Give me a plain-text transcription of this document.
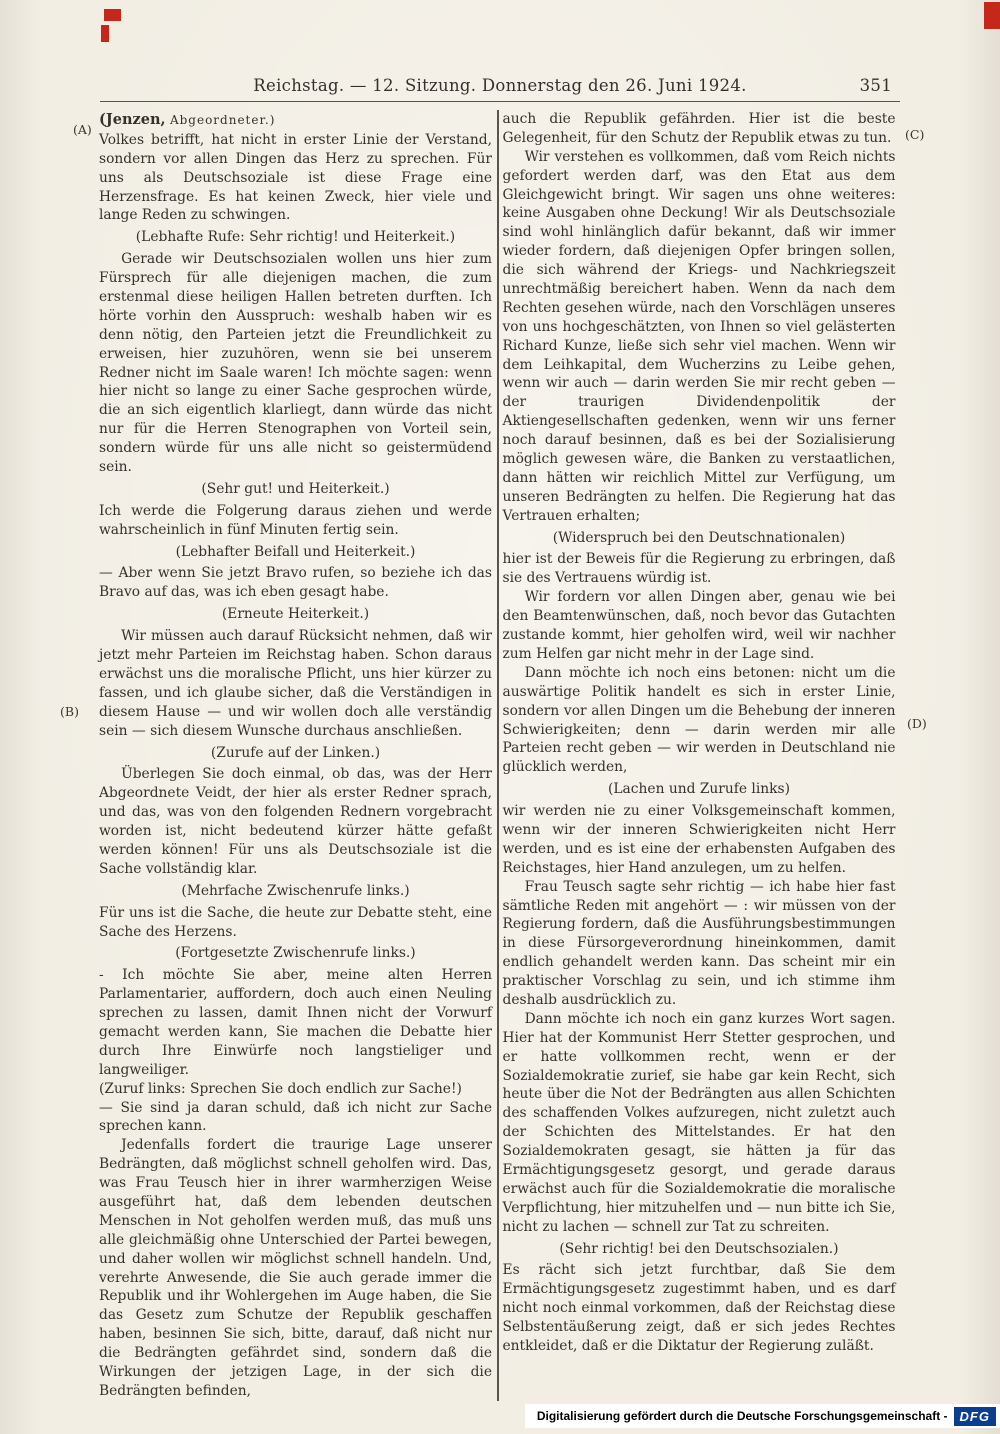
Reichstag. — 12. Sitzung. Donnerstag den 26. Juni 1924.	351
(A)
(B)
(C)
(D)

(Jenzen, Abgeordneter.)

Volkes betrifft, hat nicht in erster Linie der Verstand, sondern vor allen Dingen das Herz zu sprechen. Für uns als Deutschsoziale ist diese Frage eine Herzensfrage. Es hat keinen Zweck, hier viele und lange Reden zu schwingen.

(Lebhafte Rufe: Sehr richtig! und Heiterkeit.)

Gerade wir Deutschsozialen wollen uns hier zum Fürsprech für alle diejenigen machen, die zum erstenmal diese heiligen Hallen betreten durften. Ich hörte vorhin den Ausspruch: weshalb haben wir es denn nötig, den Parteien jetzt die Freundlichkeit zu erweisen, hier zuzuhören, wenn sie bei unserem Redner nicht im Saale waren! Ich möchte sagen: wenn hier nicht so lange zu einer Sache gesprochen würde, die an sich eigentlich klarliegt, dann würde das nicht nur für die Herren Stenographen von Vorteil sein, sondern würde für uns alle nicht so geistermüdend sein.

(Sehr gut! und Heiterkeit.)

Ich werde die Folgerung daraus ziehen und werde wahrscheinlich in fünf Minuten fertig sein.

(Lebhafter Beifall und Heiterkeit.)

— Aber wenn Sie jetzt Bravo rufen, so beziehe ich das Bravo auf das, was ich eben gesagt habe.

(Erneute Heiterkeit.)

Wir müssen auch darauf Rücksicht nehmen, daß wir jetzt mehr Parteien im Reichstag haben. Schon daraus erwächst uns die moralische Pflicht, uns hier kürzer zu fassen, und ich glaube sicher, daß die Verständigen in diesem Hause — und wir wollen doch alle verständig sein — sich diesem Wunsche durchaus anschließen.

(Zurufe auf der Linken.)

Überlegen Sie doch einmal, ob das, was der Herr Abgeordnete Veidt, der hier als erster Redner sprach, und das, was von den folgenden Rednern vorgebracht worden ist, nicht bedeutend kürzer hätte gefaßt werden können! Für uns als Deutschsoziale ist die Sache vollständig klar.

(Mehrfache Zwischenrufe links.)

Für uns ist die Sache, die heute zur Debatte steht, eine Sache des Herzens.

(Fortgesetzte Zwischenrufe links.)

- Ich möchte Sie aber, meine alten Herren Parlamentarier, auffordern, doch auch einen Neuling sprechen zu lassen, damit Ihnen nicht der Vorwurf gemacht werden kann, Sie machen die Debatte hier durch Ihre Einwürfe noch langstieliger und langweiliger.

(Zuruf links: Sprechen Sie doch endlich zur Sache!)

— Sie sind ja daran schuld, daß ich nicht zur Sache sprechen kann.

Jedenfalls fordert die traurige Lage unserer Bedrängten, daß möglichst schnell geholfen wird. Das, was Frau Teusch hier in ihrer warmherzigen Weise ausgeführt hat, daß dem lebenden deutschen Menschen in Not geholfen werden muß, das muß uns alle gleichmäßig ohne Unterschied der Partei bewegen, und daher wollen wir möglichst schnell handeln. Und, verehrte Anwesende, die Sie auch gerade immer die Republik und ihr Wohlergehen im Auge haben, die Sie das Gesetz zum Schutze der Republik geschaffen haben, besinnen Sie sich, bitte, darauf, daß nicht nur die Bedrängten gefährdet sind, sondern daß die Wirkungen der jetzigen Lage, in der sich die Bedrängten befinden,

auch die Republik gefährden. Hier ist die beste Gelegenheit, für den Schutz der Republik etwas zu tun.

Wir verstehen es vollkommen, daß vom Reich nichts gefordert werden darf, was den Etat aus dem Gleichgewicht bringt. Wir sagen uns ohne weiteres: keine Ausgaben ohne Deckung! Wir als Deutschsoziale sind wohl hinlänglich dafür bekannt, daß wir immer wieder fordern, daß diejenigen Opfer bringen sollen, die sich während der Kriegs- und Nachkriegszeit unrechtmäßig bereichert haben. Wenn da nach dem Rechten gesehen würde, nach den Vorschlägen unseres von uns hochgeschätzten, von Ihnen so viel gelästerten Richard Kunze, ließe sich sehr viel machen. Wenn wir dem Leihkapital, dem Wucherzins zu Leibe gehen, wenn wir auch — darin werden Sie mir recht geben — der traurigen Dividendenpolitik der Aktiengesellschaften gedenken, wenn wir uns ferner noch darauf besinnen, daß es bei der Sozialisierung möglich gewesen wäre, die Banken zu verstaatlichen, dann hätten wir reichlich Mittel zur Verfügung, um unseren Bedrängten zu helfen. Die Regierung hat das Vertrauen erhalten;

(Widerspruch bei den Deutschnationalen)

hier ist der Beweis für die Regierung zu erbringen, daß sie des Vertrauens würdig ist.

Wir fordern vor allen Dingen aber, genau wie bei den Beamtenwünschen, daß, noch bevor das Gutachten zustande kommt, hier geholfen wird, weil wir nachher zum Helfen gar nicht mehr in der Lage sind.

Dann möchte ich noch eins betonen: nicht um die auswärtige Politik handelt es sich in erster Linie, sondern vor allen Dingen um die Behebung der inneren Schwierigkeiten; denn — darin werden mir alle Parteien recht geben — wir werden in Deutschland nie glücklich werden,

(Lachen und Zurufe links)

wir werden nie zu einer Volksgemeinschaft kommen, wenn wir der inneren Schwierigkeiten nicht Herr werden, und es ist eine der erhabensten Aufgaben des Reichstages, hier Hand anzulegen, um zu helfen.

Frau Teusch sagte sehr richtig — ich habe hier fast sämtliche Reden mit angehört — : wir müssen von der Regierung fordern, daß die Ausführungsbestimmungen in diese Fürsorgeverordnung hineinkommen, damit endlich gehandelt werden kann. Das scheint mir ein praktischer Vorschlag zu sein, und ich stimme ihm deshalb ausdrücklich zu.

Dann möchte ich noch ein ganz kurzes Wort sagen. Hier hat der Kommunist Herr Stetter gesprochen, und er hatte vollkommen recht, wenn er der Sozialdemokratie zurief, sie habe gar kein Recht, sich heute über die Not der Bedrängten aus allen Schichten des schaffenden Volkes aufzuregen, nicht zuletzt auch der Schichten des Mittelstandes. Er hat den Sozialdemokraten gesagt, sie hätten ja für das Ermächtigungsgesetz gesorgt, und gerade daraus erwächst auch für die Sozialdemokratie die moralische Verpflichtung, hier mitzuhelfen und — nun bitte ich Sie, nicht zu lachen — schnell zur Tat zu schreiten.

(Sehr richtig! bei den Deutschsozialen.)

Es rächt sich jetzt furchtbar, daß Sie dem Ermächtigungsgesetz zugestimmt haben, und es darf nicht noch einmal vorkommen, daß der Reichstag diese Selbstentäußerung zeigt, daß er sich jedes Rechtes entkleidet, daß er die Diktatur der Regierung zuläßt.

Digitalisierung gefördert durch die Deutsche Forschungsgemeinschaft - DFG
